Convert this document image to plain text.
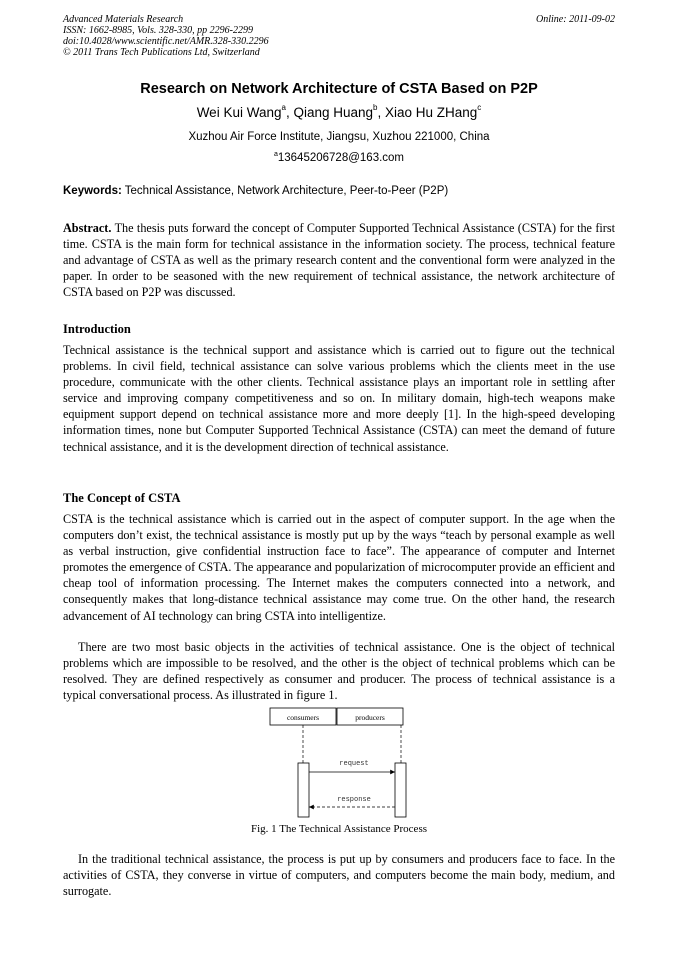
Advanced Materials Research
ISSN: 1662-8985, Vols. 328-330, pp 2296-2299
doi:10.4028/www.scientific.net/AMR.328-330.2296
© 2011 Trans Tech Publications Ltd, Switzerland
Online: 2011-09-02
Research on Network Architecture of CSTA Based on P2P
Wei Kui Wang$^a$, Qiang Huang$^b$, Xiao Hu ZHang$^c$
Xuzhou Air Force Institute, Jiangsu, Xuzhou 221000, China
$^a$13645206728@163.com
Keywords: Technical Assistance, Network Architecture, Peer-to-Peer (P2P)

Abstract. The thesis puts forward the concept of Computer Supported Technical Assistance (CSTA) for the first time. CSTA is the main form for technical assistance in the information society. The process, technical feature and advantage of CSTA as well as the primary research content and the conventional form were analyzed in the paper. In order to be seasoned with the new requirement of technical assistance, the network architecture of CSTA based on P2P was discussed.

Introduction

Technical assistance is the technical support and assistance which is carried out to figure out the technical problems. In civil field, technical assistance can solve various problems which the clients meet in the use procedure, communicate with the other clients. Technical assistance plays an important role in settling after service and improving company competitiveness and so on. In military domain, high-tech weapons make equipment support depend on technical assistance more and more deeply [1]. In the high-speed developing information times, none but Computer Supported Technical Assistance (CSTA) can meet the demand of future technical assistance, and it is the development direction of technical assistance.

The Concept of CSTA

CSTA is the technical assistance which is carried out in the aspect of computer support. In the age when the computers don’t exist, the technical assistance is mostly put up by the ways “teach by personal example as well as verbal instruction, give confidential instruction face to face”. The appearance of computer and Internet promotes the emergence of CSTA. The appearance and popularization of microcomputer provide an efficient and cheap tool of information processing. The Internet makes the computers connected into a network, and consequently makes that long-distance technical assistance may come true. On the other hand, the research advancement of AI technology can bring CSTA into intelligentize.

There are two most basic objects in the activities of technical assistance. One is the object of technical problems which are impossible to be resolved, and the other is the object of technical problems which can be resolved. They are defined respectively as consumer and producer. The process of technical assistance is a typical conversational process. As illustrated in figure 1.

consumers	producers
request
response
Fig. 1 The Technical Assistance Process

In the traditional technical assistance, the process is put up by consumers and producers face to face. In the activities of CSTA, they converse in virtue of computers, and computers become the main body, medium, and surrogate.
